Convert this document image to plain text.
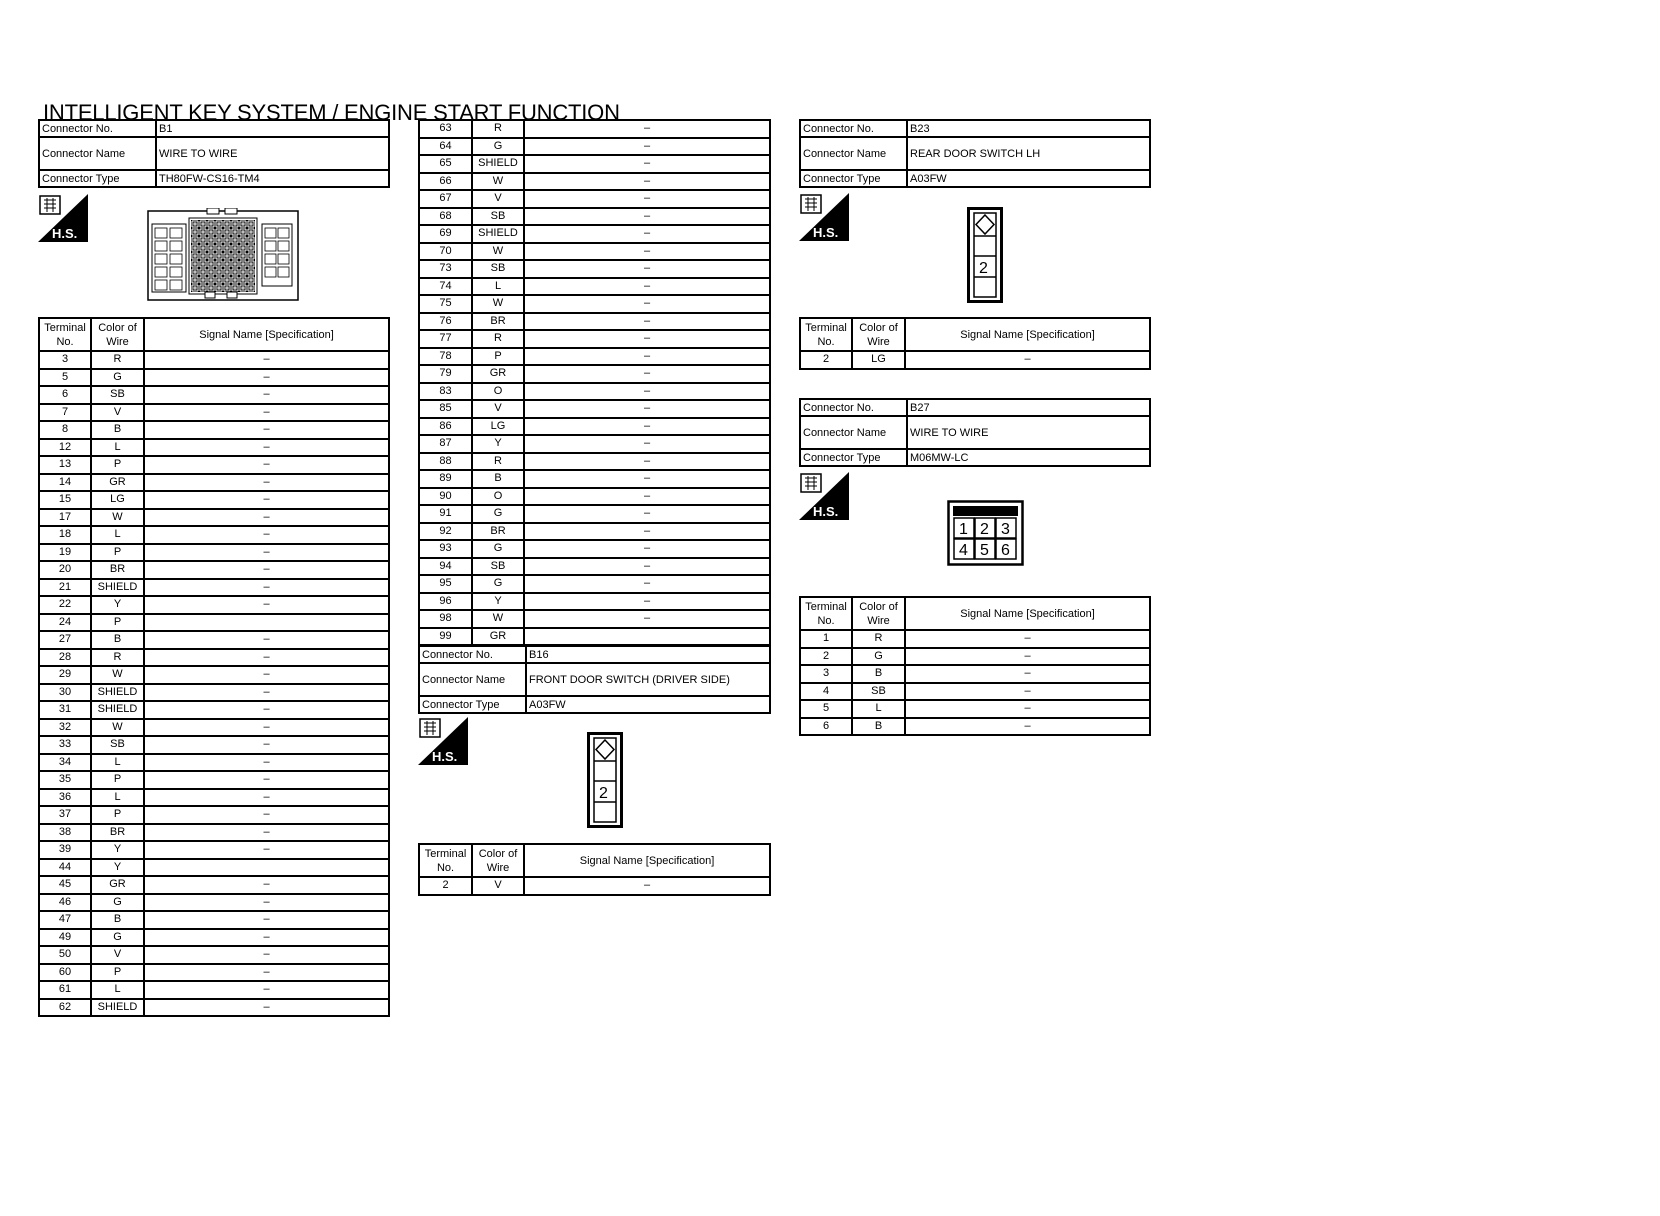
INTELLIGENT KEY SYSTEM / ENGINE START FUNCTION
Connector No.	B1
Connector Name	WIRE TO WIRE
Connector Type	TH80FW-CS16-TM4
H.S.
Terminal No.	Color of Wire	Signal Name [Specification]
3	R	–
5	G	–
6	SB	–
7	V	–
8	B	–
12	L	–
13	P	–
14	GR	–
15	LG	–
17	W	–
18	L	–
19	P	–
20	BR	–
21	SHIELD	–
22	Y	–
24	P	
27	B	–
28	R	–
29	W	–
30	SHIELD	–
31	SHIELD	–
32	W	–
33	SB	–
34	L	–
35	P	–
36	L	–
37	P	–
38	BR	–
39	Y	–
44	Y	
45	GR	–
46	G	–
47	B	–
49	G	–
50	V	–
60	P	–
61	L	–
62	SHIELD	–
63	R	–
64	G	–
65	SHIELD	–
66	W	–
67	V	–
68	SB	–
69	SHIELD	–
70	W	–
73	SB	–
74	L	–
75	W	–
76	BR	–
77	R	–
78	P	–
79	GR	–
83	O	–
85	V	–
86	LG	–
87	Y	–
88	R	–
89	B	–
90	O	–
91	G	–
92	BR	–
93	G	–
94	SB	–
95	G	–
96	Y	–
98	W	–
99	GR	
Connector No.	B16
Connector Name	FRONT DOOR SWITCH (DRIVER SIDE)
Connector Type	A03FW
H.S.
2
Terminal No.	Color of Wire	Signal Name [Specification]
2	V	–
Connector No.	B23
Connector Name	REAR DOOR SWITCH LH
Connector Type	A03FW
H.S.
2
Terminal No.	Color of Wire	Signal Name [Specification]
2	LG	–
Connector No.	B27
Connector Name	WIRE TO WIRE
Connector Type	M06MW-LC
H.S.
1 2 3
4 5 6
Terminal No.	Color of Wire	Signal Name [Specification]
1	R	–
2	G	–
3	B	–
4	SB	–
5	L	–
6	B	–
